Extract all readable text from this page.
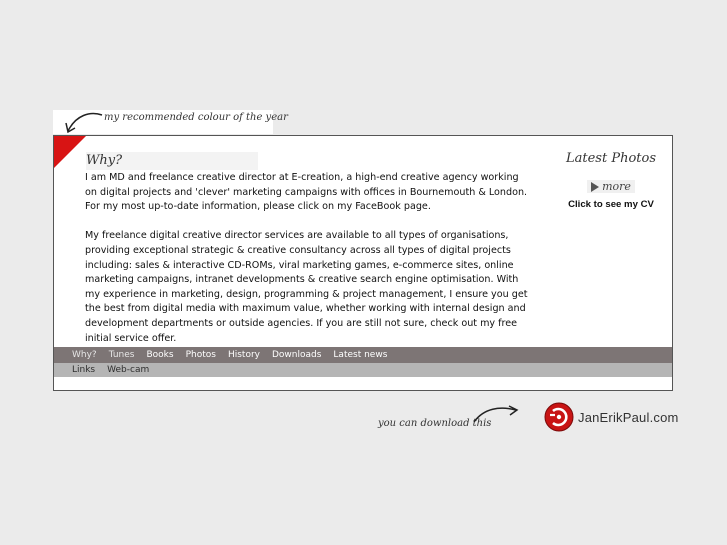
my recommended colour of the year
Why?

I am MD and freelance creative director at E-creation, a high-end creative agency working on digital projects and 'clever' marketing campaigns with offices in Bournemouth & London. For my most up-to-date information, please click on my FaceBook page.

My freelance digital creative director services are available to all types of organisations, providing exceptional strategic & creative consultancy across all types of digital projects including: sales & interactive CD-ROMs, viral marketing games, e-commerce sites, online marketing campaigns, intranet developments & creative search engine optimisation. With my experience in marketing, design, programming & project management, I ensure you get the best from digital media with maximum value, whether working with internal design and development departments or outside agencies. If you are still not sure, check out my free initial service offer.

Latest Photos
more
Click to see my CV
Why?	Tunes	Books	Photos	History	Downloads	Latest news
Links	Web-cam
you can download this	JanErikPaul.com
